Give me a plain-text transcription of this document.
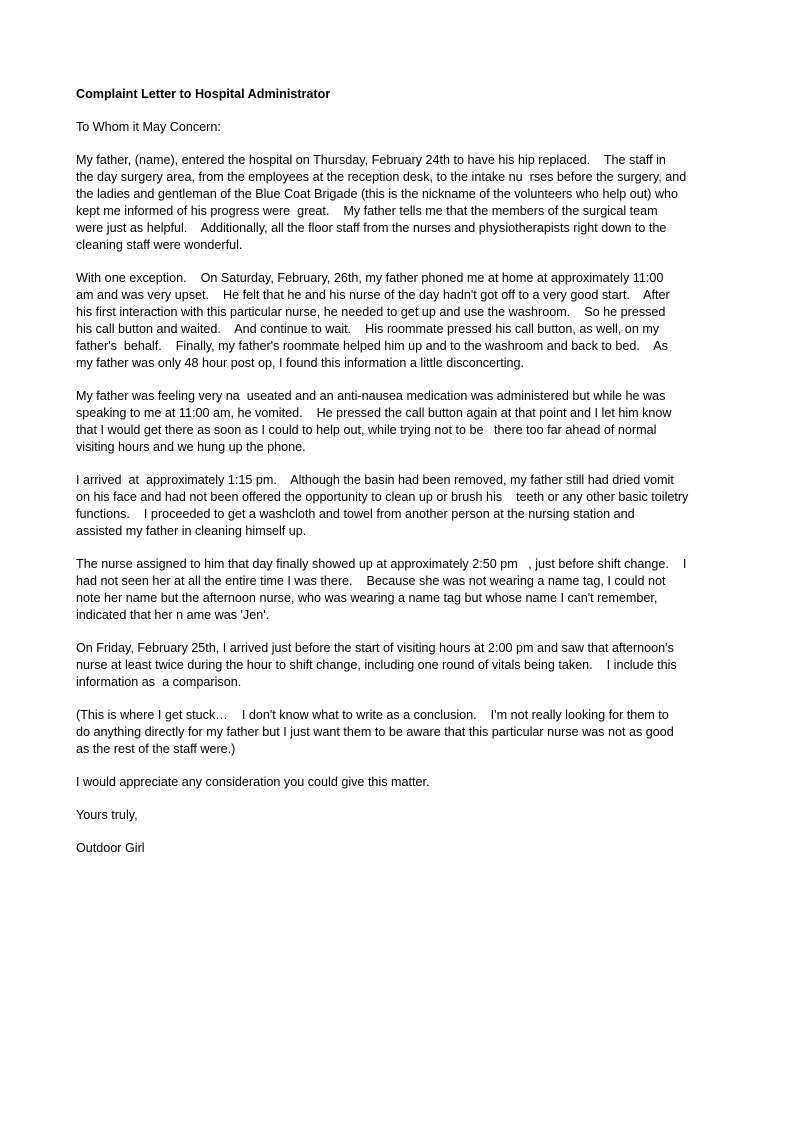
Complaint Letter to Hospital Administrator
To Whom it May Concern:
My father, (name), entered the hospital on Thursday, February 24th to have his hip replaced.    The staff in
the day surgery area, from the employees at the reception desk, to the intake nu  rses before the surgery, and
the ladies and gentleman of the Blue Coat Brigade (this is the nickname of the volunteers who help out) who
kept me informed of his progress were  great.    My father tells me that the members of the surgical team
were just as helpful.    Additionally, all the floor staff from the nurses and physiotherapists right down to the
cleaning staff were wonderful.
With one exception.    On Saturday, February, 26th, my father phoned me at home at approximately 11:00
am and was very upset.    He felt that he and his nurse of the day hadn't got off to a very good start.    After
his first interaction with this particular nurse, he needed to get up and use the washroom.    So he pressed
his call button and waited.    And continue to wait.    His roommate pressed his call button, as well, on my
father's  behalf.    Finally, my father's roommate helped him up and to the washroom and back to bed.    As
my father was only 48 hour post op, I found this information a little disconcerting.
My father was feeling very na  useated and an anti-nausea medication was administered but while he was
speaking to me at 11:00 am, he vomited.    He pressed the call button again at that point and I let him know
that I would get there as soon as I could to help out, while trying not to be   there too far ahead of normal
visiting hours and we hung up the phone.
I arrived  at  approximately 1:15 pm.    Although the basin had been removed, my father still had dried vomit
on his face and had not been offered the opportunity to clean up or brush his    teeth or any other basic toiletry
functions.    I proceeded to get a washcloth and towel from another person at the nursing station and
assisted my father in cleaning himself up.
The nurse assigned to him that day finally showed up at approximately 2:50 pm   , just before shift change.    I
had not seen her at all the entire time I was there.    Because she was not wearing a name tag, I could not
note her name but the afternoon nurse, who was wearing a name tag but whose name I can't remember,
indicated that her n ame was 'Jen'.
On Friday, February 25th, I arrived just before the start of visiting hours at 2:00 pm and saw that afternoon's
nurse at least twice during the hour to shift change, including one round of vitals being taken.    I include this
information as  a comparison.
(This is where I get stuck…    I don't know what to write as a conclusion.    I'm not really looking for them to
do anything directly for my father but I just want them to be aware that this particular nurse was not as good
as the rest of the staff were.)
I would appreciate any consideration you could give this matter.
Yours truly,
Outdoor Girl
